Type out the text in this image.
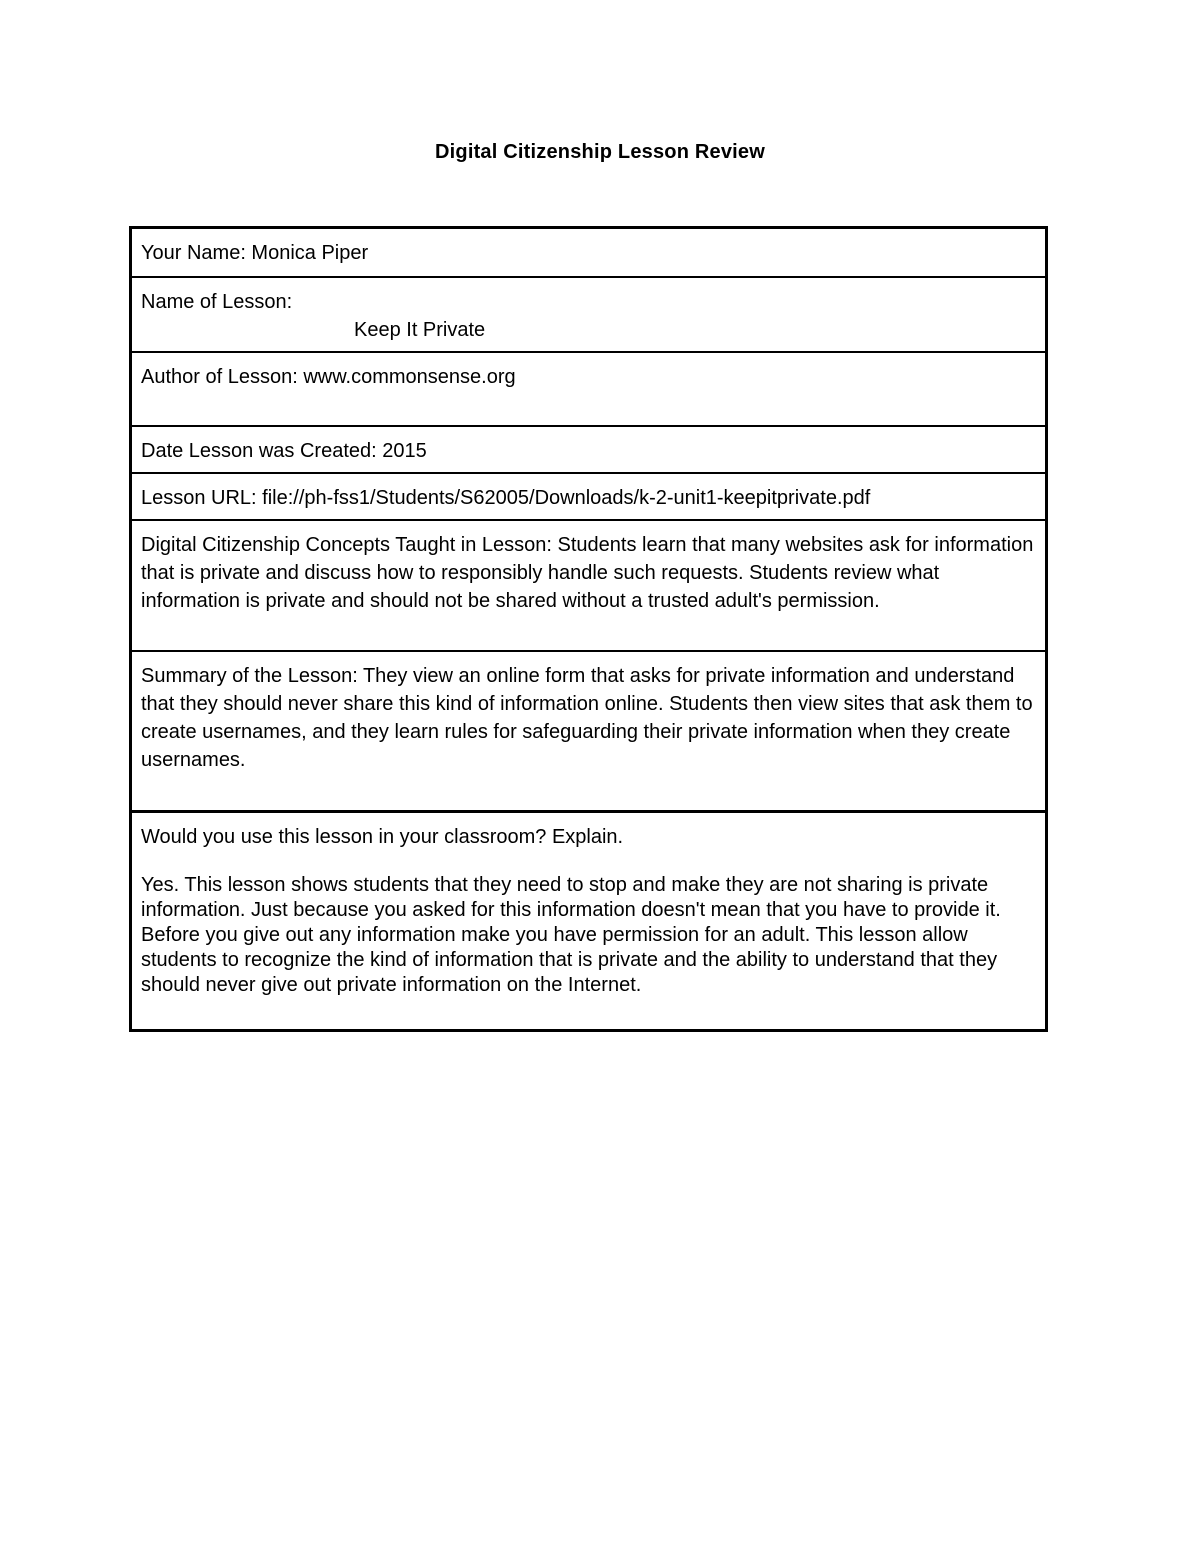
Digital Citizenship Lesson Review
Your Name: Monica Piper
Name of Lesson:
Keep It Private
Author of Lesson: www.commonsense.org
Date Lesson was Created: 2015
Lesson URL: file://ph-fss1/Students/S62005/Downloads/k-2-unit1-keepitprivate.pdf
Digital Citizenship Concepts Taught in Lesson: Students learn that many websites ask for information that is private and discuss how to responsibly handle such requests. Students review what information is private and should not be shared without a trusted adult's permission.
Summary of the Lesson: They view an online form that asks for private information and understand that they should never share this kind of information online. Students then view sites that ask them to create usernames, and they learn rules for safeguarding their private information when they create usernames.
Would you use this lesson in your classroom? Explain.
Yes. This lesson shows students that they need to stop and make they are not sharing is private information. Just because you asked for this information doesn't mean that you have to provide it. Before you give out any information make you have permission for an adult. This lesson allow students to recognize the kind of information that is private and the ability to understand that they should never give out private information on the Internet.
